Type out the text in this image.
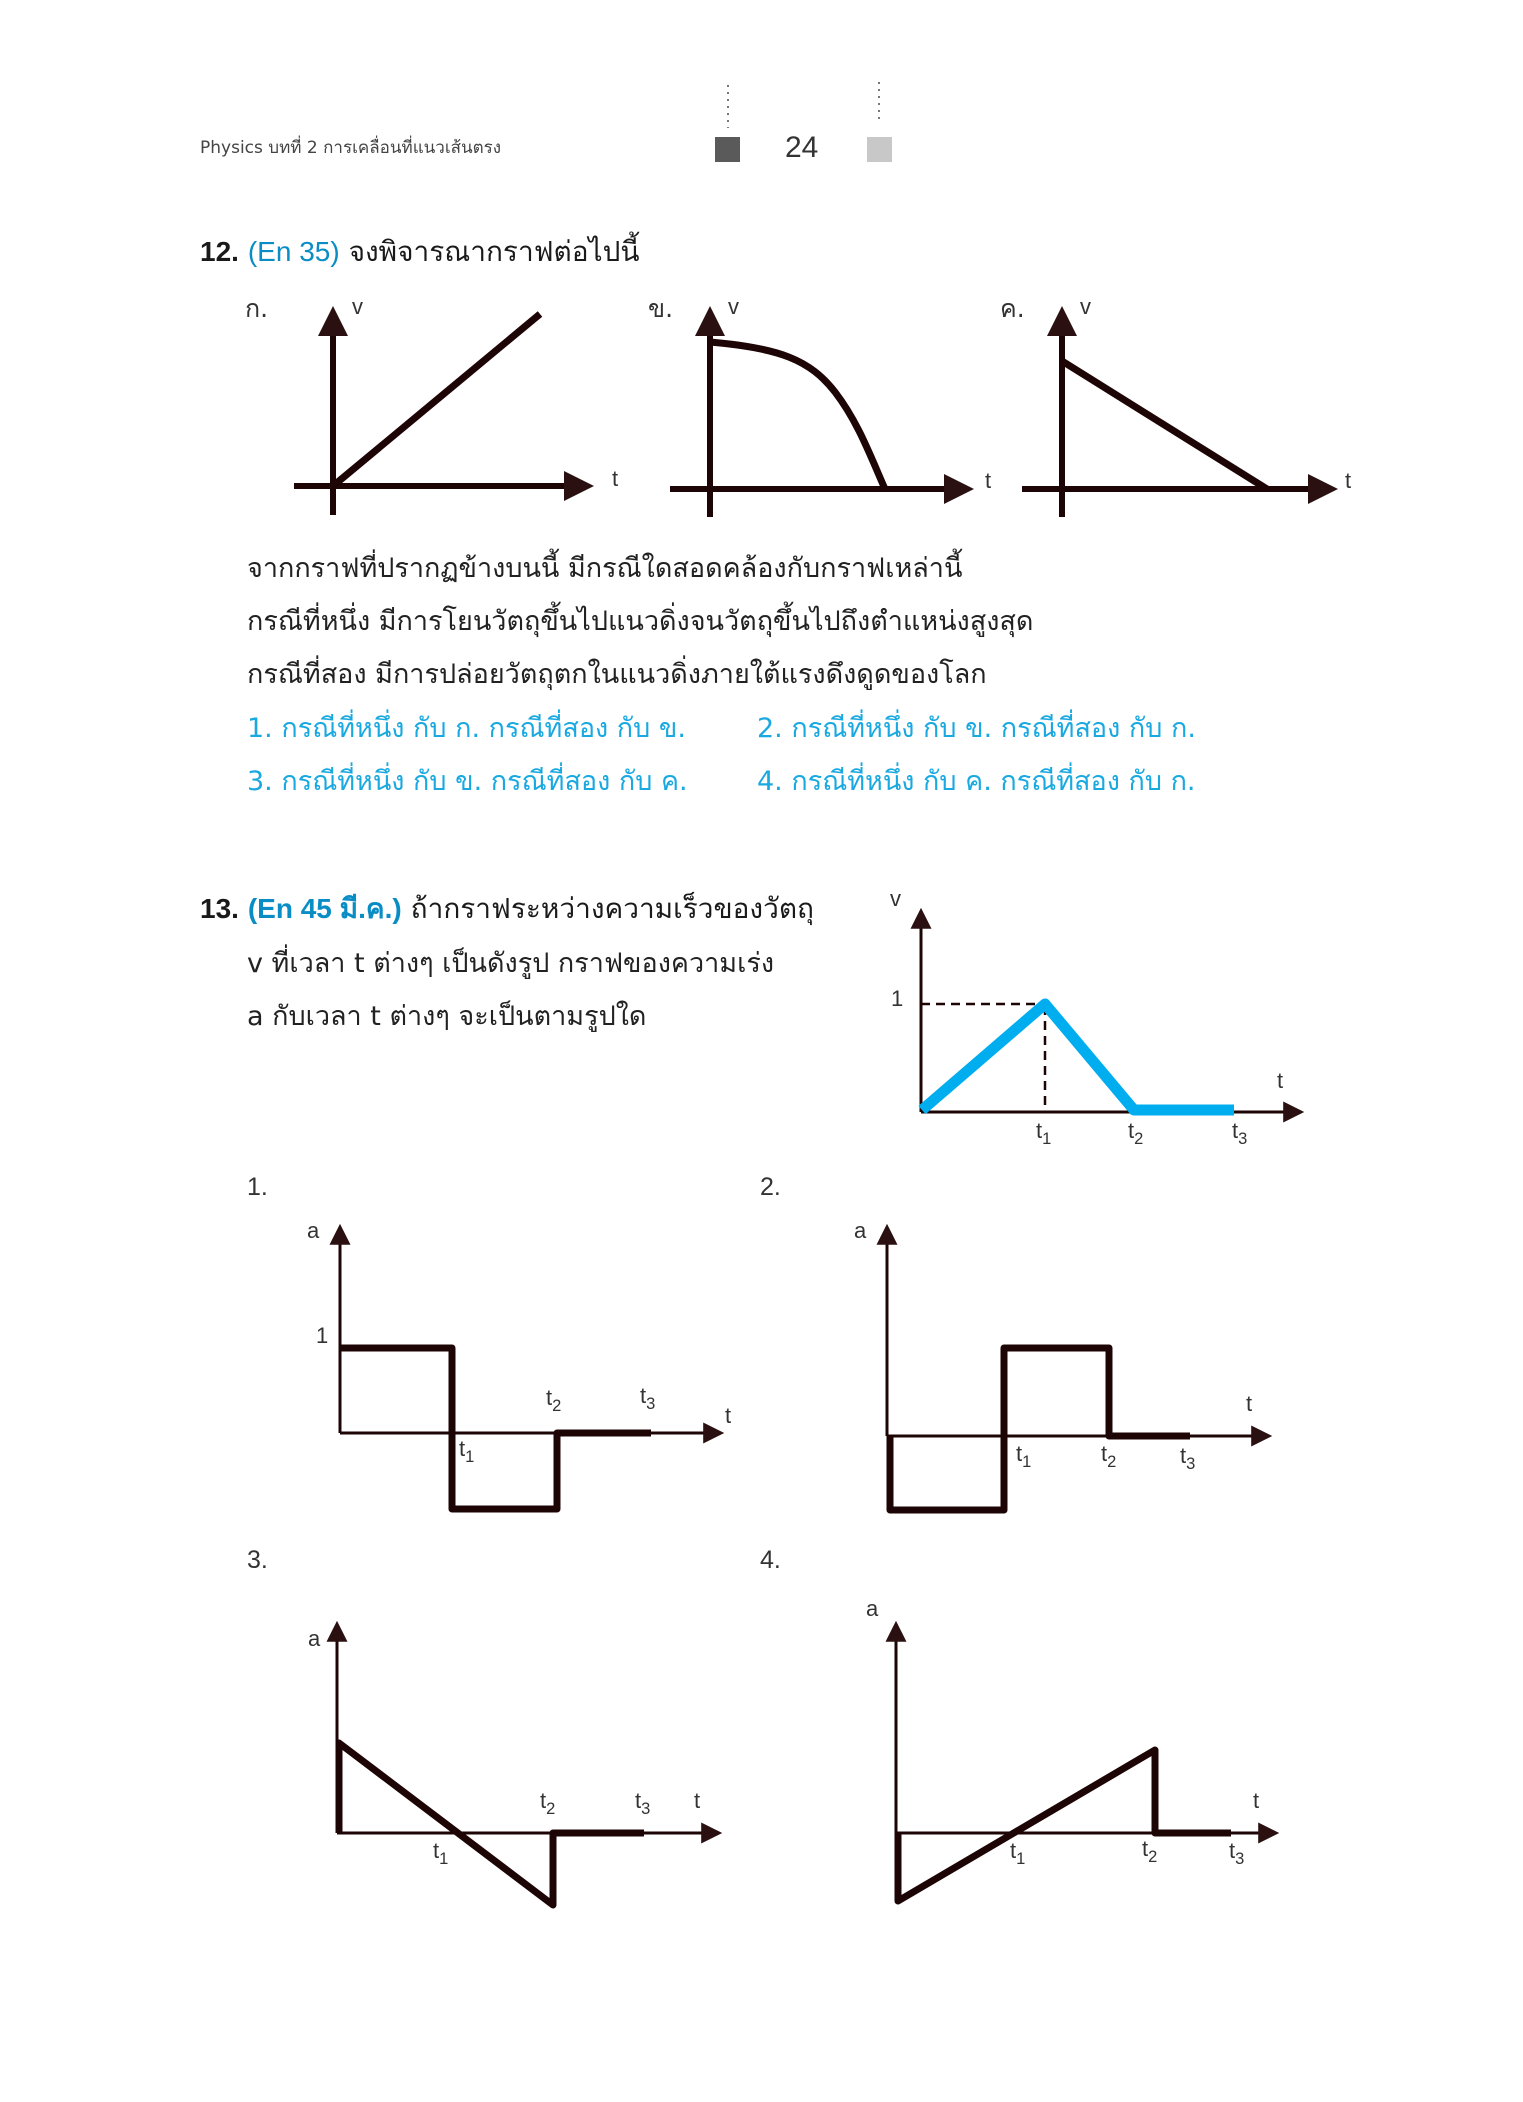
Physics บทที่ 2 การเคลื่อนที่แนวเส้นตรง	24
12. (En 35) จงพิจารณากราฟต่อไปนี้
ก.	v
t
ข. v
t
ค.	v
t
จากกราฟที่ปรากฏข้างบนนี้ มีกรณีใดสอดคล้องกับกราฟเหล่านี้
กรณีที่หนึ่ง มีการโยนวัตถุขึ้นไปแนวดิ่งจนวัตถุขึ้นไปถึงตำแหน่งสูงสุด
กรณีที่สอง มีการปล่อยวัตถุตกในแนวดิ่งภายใต้แรงดึงดูดของโลก
1. กรณีที่หนึ่ง กับ ก. กรณีที่สอง กับ ข.	2. กรณีที่หนึ่ง กับ ข. กรณีที่สอง กับ ก.
3. กรณีที่หนึ่ง กับ ข. กรณีที่สอง กับ ค.	4. กรณีที่หนึ่ง กับ ค. กรณีที่สอง กับ ก.
13. (En 45 มี.ค.) ถ้ากราฟระหว่างความเร็วของวัตถุ
v ที่เวลา t ต่างๆ เป็นดังรูป กราฟของความเร่ง
a กับเวลา t ต่างๆ จะเป็นตามรูปใด
v
1
t
$t_1$	$t_2$	$t_3$
1.
a
1
t
$t_1$
$t_2$	$t_3$
2.
a
t
$t_1$	$t_2$	$t_3$
3.
a
t
$t_1$
$t_2$	$t_3$
4.
a
t
$t_1$	$t_2$	$t_3$
